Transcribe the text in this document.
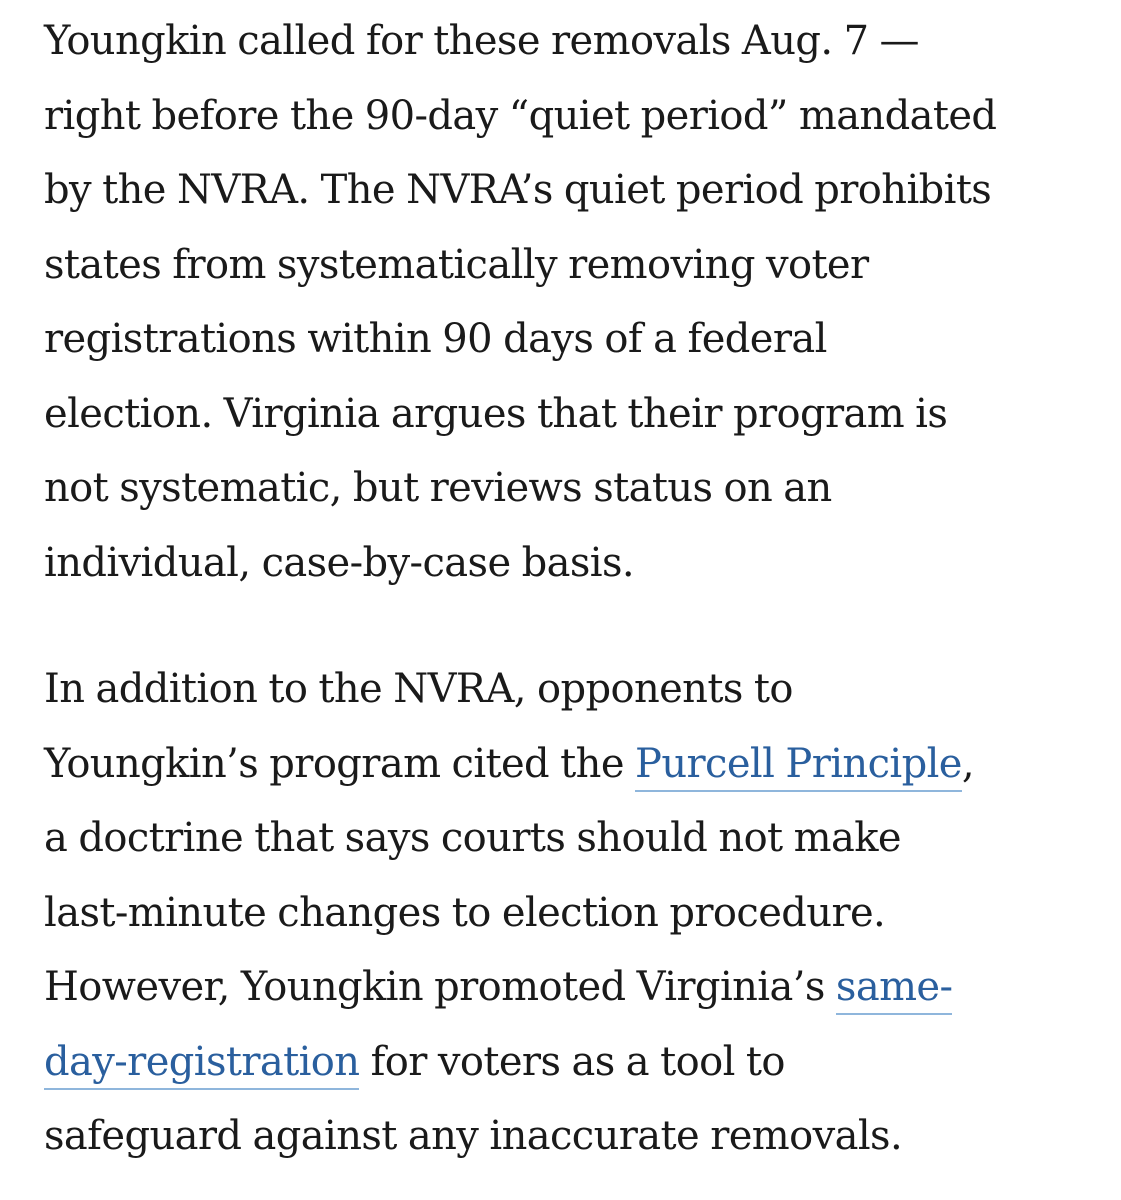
Youngkin called for these removals Aug. 7 —
right before the 90-day “quiet period” mandated
by the NVRA. The NVRA’s quiet period prohibits
states from systematically removing voter
registrations within 90 days of a federal
election. Virginia argues that their program is
not systematic, but reviews status on an
individual, case-by-case basis.

In addition to the NVRA, opponents to
Youngkin’s program cited the Purcell Principle,
a doctrine that says courts should not make
last-minute changes to election procedure.
However, Youngkin promoted Virginia’s same-
day-registration for voters as a tool to
safeguard against any inaccurate removals.
